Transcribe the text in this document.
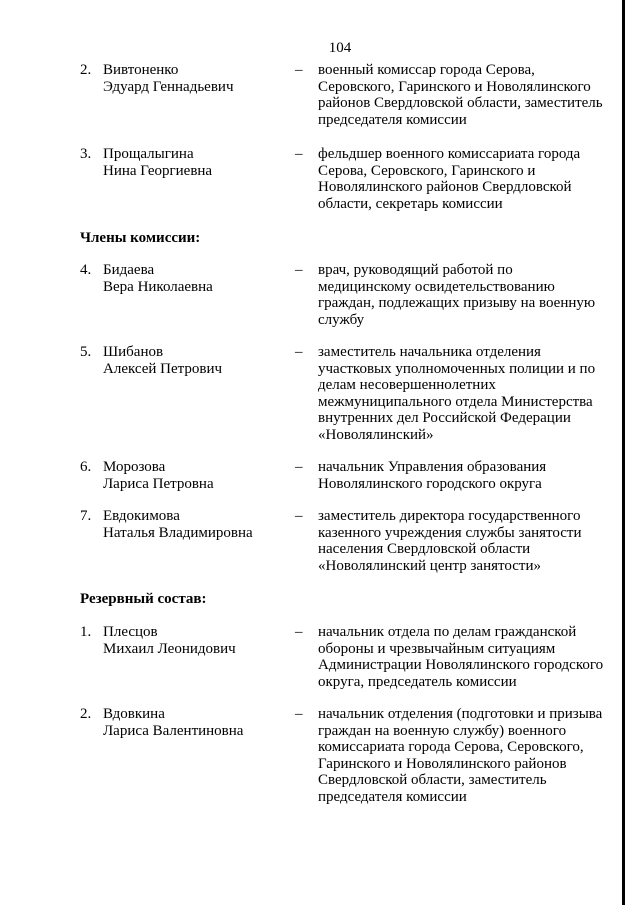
104
2. Вивтоненко
Эдуард Геннадьевич
– военный комиссар города Серова,
Серовского, Гаринского и Новолялинского
районов Свердловской области, заместитель
председателя комиссии
3. Прощалыгина
Нина Георгиевна
– фельдшер военного комиссариата города
Серова, Серовского, Гаринского и
Новолялинского районов Свердловской
области, секретарь комиссии
Члены комиссии:
4. Бидаева
Вера Николаевна
– врач, руководящий работой по
медицинскому освидетельствованию
граждан, подлежащих призыву на военную
службу
5. Шибанов
Алексей Петрович
– заместитель начальника отделения
участковых уполномоченных полиции и по
делам несовершеннолетних
межмуниципального отдела Министерства
внутренних дел Российской Федерации
«Новолялинский»
6. Морозова
Лариса Петровна
– начальник Управления образования
Новолялинского городского округа
7. Евдокимова
Наталья Владимировна
– заместитель директора государственного
казенного учреждения службы занятости
населения Свердловской области
«Новолялинский центр занятости»
Резервный состав:
1. Плесцов
Михаил Леонидович
– начальник отдела по делам гражданской
обороны и чрезвычайным ситуациям
Администрации Новолялинского городского
округа, председатель комиссии
2. Вдовкина
Лариса Валентиновна
– начальник отделения (подготовки и призыва
граждан на военную службу) военного
комиссариата города Серова, Серовского,
Гаринского и Новолялинского районов
Свердловской области, заместитель
председателя комиссии
